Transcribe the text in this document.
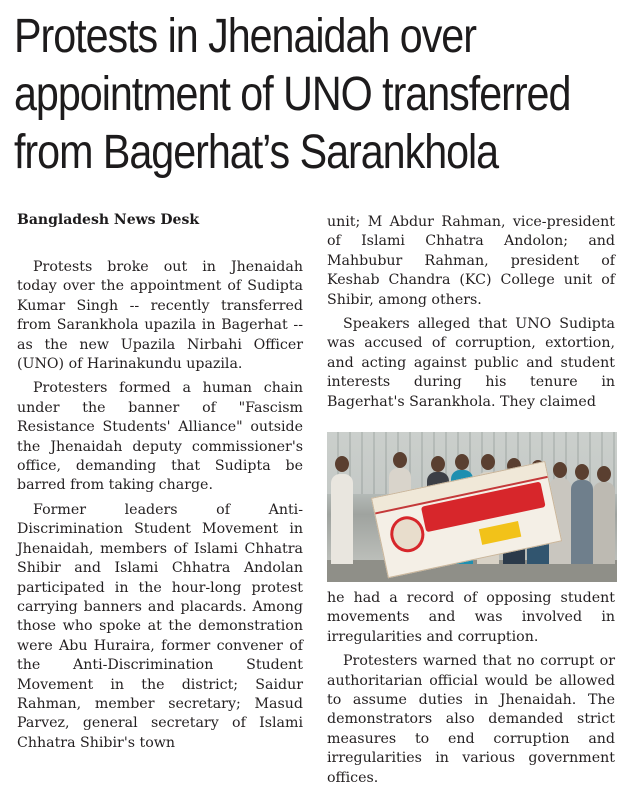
Protests in Jhenaidah over
appointment of UNO transferred
from Bagerhat’s Sarankhola
Bangladesh News Desk

Protests broke out in Jhenaidah today over the appointment of Sudipta Kumar Singh -- recently transferred from Sarankhola upazila in Bagerhat -- as the new Upazila Nirbahi Officer (UNO) of Harinakundu upazila.

Protesters formed a human chain under the banner of "Fascism Resistance Students' Alliance" outside the Jhenaidah deputy commissioner's office, demanding that Sudipta be barred from taking charge.

Former leaders of Anti-Discrimination Student Movement in Jhenaidah, members of Islami Chhatra Shibir and Islami Chhatra Andolan participated in the hour-long protest carrying banners and placards. Among those who spoke at the demonstration were Abu Huraira, former convener of the Anti-Discrimination Student Movement in the district; Saidur Rahman, member secretary; Masud Parvez, general secretary of Islami Chhatra Shibir's town

unit; M Abdur Rahman, vice-president of Islami Chhatra Andolon; and Mahbubur Rahman, president of Keshab Chandra (KC) College unit of Shibir, among others.

Speakers alleged that UNO Sudipta was accused of corruption, extortion, and acting against public and student interests during his tenure in Bagerhat's Sarankhola. They claimed

he had a record of opposing student movements and was involved in irregularities and corruption.

Protesters warned that no corrupt or authoritarian official would be allowed to assume duties in Jhenaidah. The demonstrators also demanded strict measures to end corruption and irregularities in various government offices.
